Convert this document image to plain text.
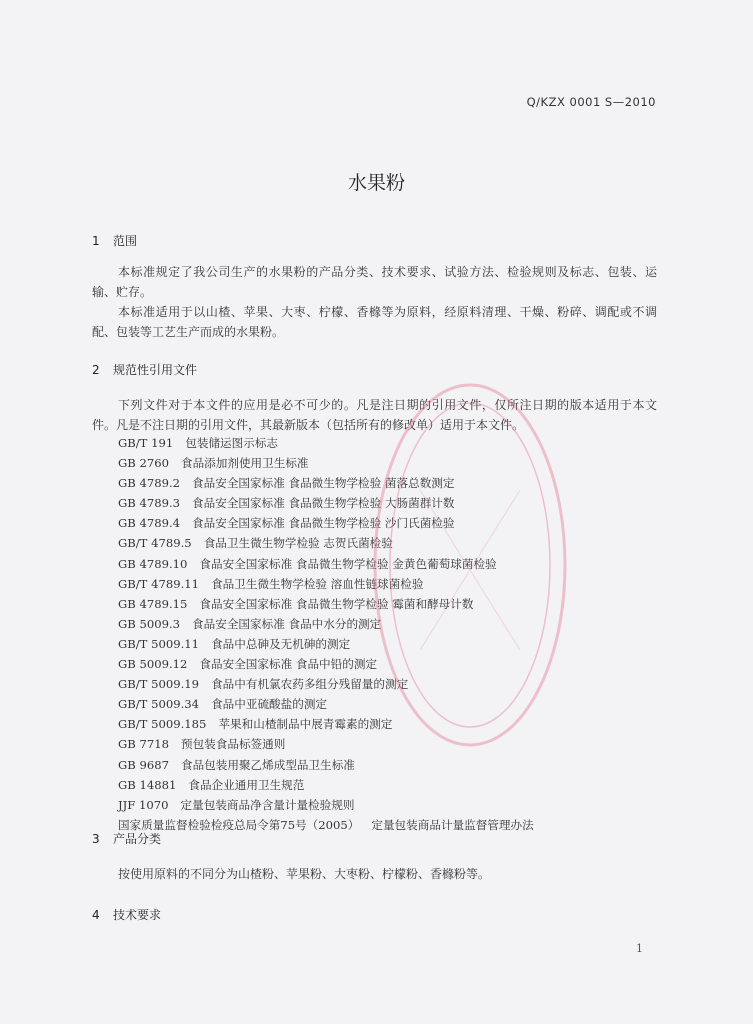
Q/KZX 0001 S—2010
水果粉
1 范围

本标准规定了我公司生产的水果粉的产品分类、技术要求、试验方法、检验规则及标志、包装、运输、贮存。

本标准适用于以山楂、苹果、大枣、柠檬、香橼等为原料，经原料清理、干燥、粉碎、调配或不调配、包装等工艺生产而成的水果粉。

2 规范性引用文件

下列文件对于本文件的应用是必不可少的。凡是注日期的引用文件，仅所注日期的版本适用于本文件。凡是不注日期的引用文件，其最新版本（包括所有的修改单）适用于本文件。

GB/T 191 包装储运图示标志
GB 2760 食品添加剂使用卫生标准
GB 4789.2 食品安全国家标准 食品微生物学检验 菌落总数测定
GB 4789.3 食品安全国家标准 食品微生物学检验 大肠菌群计数
GB 4789.4 食品安全国家标准 食品微生物学检验 沙门氏菌检验
GB/T 4789.5 食品卫生微生物学检验 志贺氏菌检验
GB 4789.10 食品安全国家标准 食品微生物学检验 金黄色葡萄球菌检验
GB/T 4789.11 食品卫生微生物学检验 溶血性链球菌检验
GB 4789.15 食品安全国家标准 食品微生物学检验 霉菌和酵母计数
GB 5009.3 食品安全国家标准 食品中水分的测定
GB/T 5009.11 食品中总砷及无机砷的测定
GB 5009.12 食品安全国家标准 食品中铅的测定
GB/T 5009.19 食品中有机氯农药多组分残留量的测定
GB/T 5009.34 食品中亚硫酸盐的测定
GB/T 5009.185 苹果和山楂制品中展青霉素的测定
GB 7718 预包装食品标签通则
GB 9687 食品包装用聚乙烯成型品卫生标准
GB 14881 食品企业通用卫生规范
JJF 1070 定量包装商品净含量计量检验规则
国家质量监督检验检疫总局令第75号（2005） 定量包装商品计量监督管理办法
3 产品分类

按使用原料的不同分为山楂粉、苹果粉、大枣粉、柠檬粉、香橼粉等。

4 技术要求
1
